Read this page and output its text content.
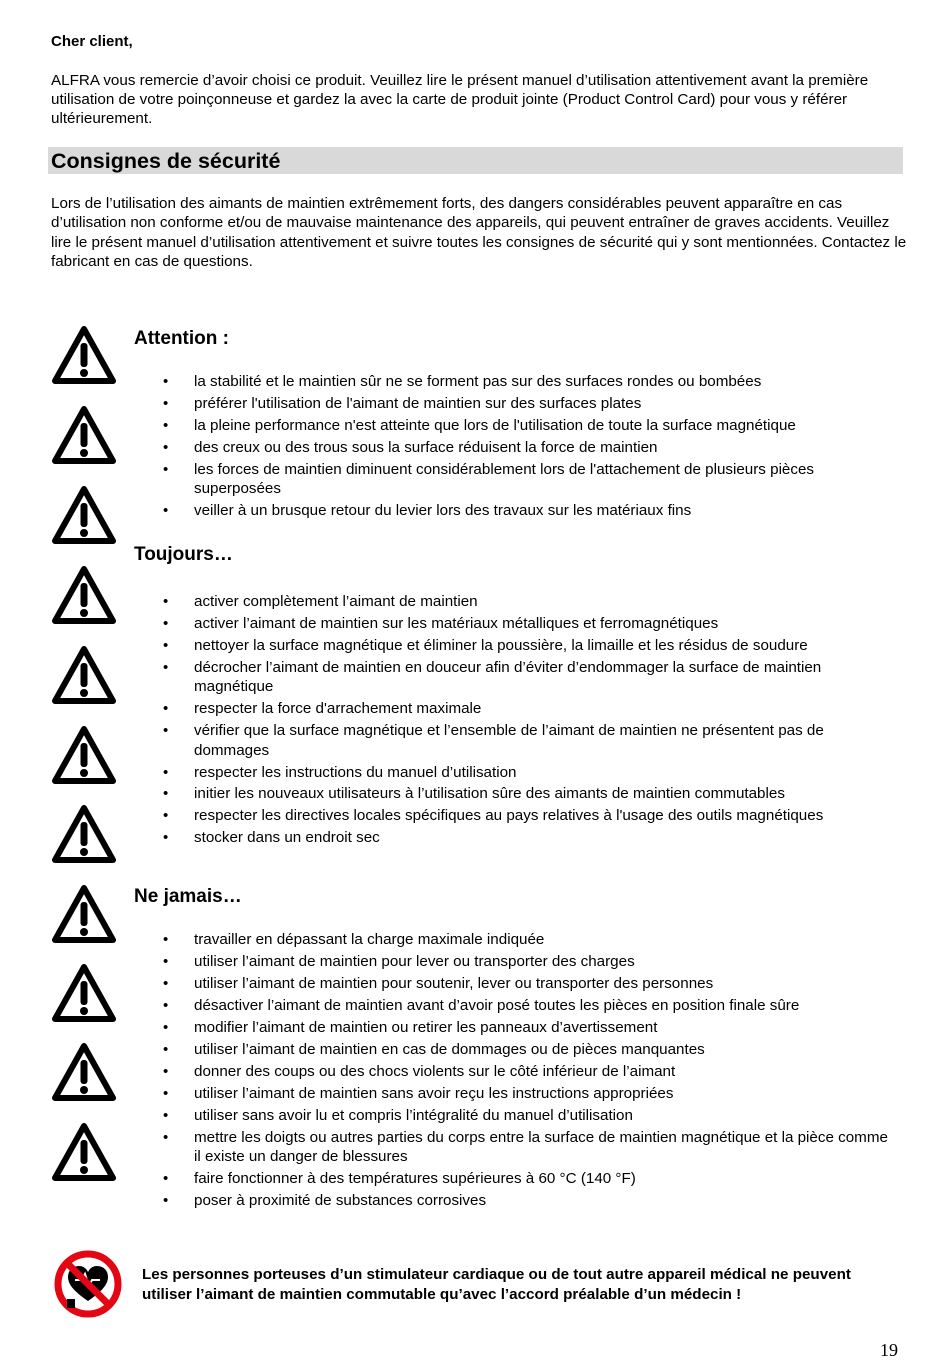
Cher client,
ALFRA vous remercie d’avoir choisi ce produit. Veuillez lire le présent manuel d’utilisation attentivement avant la première utilisation de votre poinçonneuse et gardez la avec la carte de produit jointe (Product Control Card) pour vous y référer ultérieurement.
Consignes de sécurité
Lors de l’utilisation des aimants de maintien extrêmement forts, des dangers considérables peuvent apparaître en cas d’utilisation non conforme et/ou de mauvaise maintenance des appareils, qui peuvent entraîner de graves accidents. Veuillez lire le présent manuel d’utilisation attentivement et suivre toutes les consignes de sécurité qui y sont mentionnées. Contactez le fabricant en cas de questions.
Attention :
• la stabilité et le maintien sûr ne se forment pas sur des surfaces rondes ou bombées
• préférer l'utilisation de l'aimant de maintien sur des surfaces plates
• la pleine performance n'est atteinte que lors de l'utilisation de toute la surface magnétique
• des creux ou des trous sous la surface réduisent la force de maintien
• les forces de maintien diminuent considérablement lors de l'attachement de plusieurs pièces superposées
• veiller à un brusque retour du levier lors des travaux sur les matériaux fins
Toujours…
• activer complètement l’aimant de maintien
• activer l’aimant de maintien sur les matériaux métalliques et ferromagnétiques
• nettoyer la surface magnétique et éliminer la poussière, la limaille et les résidus de soudure
• décrocher l’aimant de maintien en douceur afin d’éviter d’endommager la surface de maintien magnétique
• respecter la force d'arrachement maximale
• vérifier que la surface magnétique et l’ensemble de l’aimant de maintien ne présentent pas de dommages
• respecter les instructions du manuel d’utilisation
• initier les nouveaux utilisateurs à l’utilisation sûre des aimants de maintien commutables
• respecter les directives locales spécifiques au pays relatives à l'usage des outils magnétiques
• stocker dans un endroit sec
Ne jamais…
• travailler en dépassant la charge maximale indiquée
• utiliser l’aimant de maintien pour lever ou transporter des charges
• utiliser l’aimant de maintien pour soutenir, lever ou transporter des personnes
• désactiver l’aimant de maintien avant d’avoir posé toutes les pièces en position finale sûre
• modifier l’aimant de maintien ou retirer les panneaux d’avertissement
• utiliser l’aimant de maintien en cas de dommages ou de pièces manquantes
• donner des coups ou des chocs violents sur le côté inférieur de l’aimant
• utiliser l’aimant de maintien sans avoir reçu les instructions appropriées
• utiliser sans avoir lu et compris l’intégralité du manuel d’utilisation
• mettre les doigts ou autres parties du corps entre la surface de maintien magnétique et la pièce comme il existe un danger de blessures
• faire fonctionner à des températures supérieures à 60 °C (140 °F)
• poser à proximité de substances corrosives
Les personnes porteuses d’un stimulateur cardiaque ou de tout autre appareil médical ne peuvent utiliser l’aimant de maintien commutable qu’avec l’accord préalable d’un médecin !
19
